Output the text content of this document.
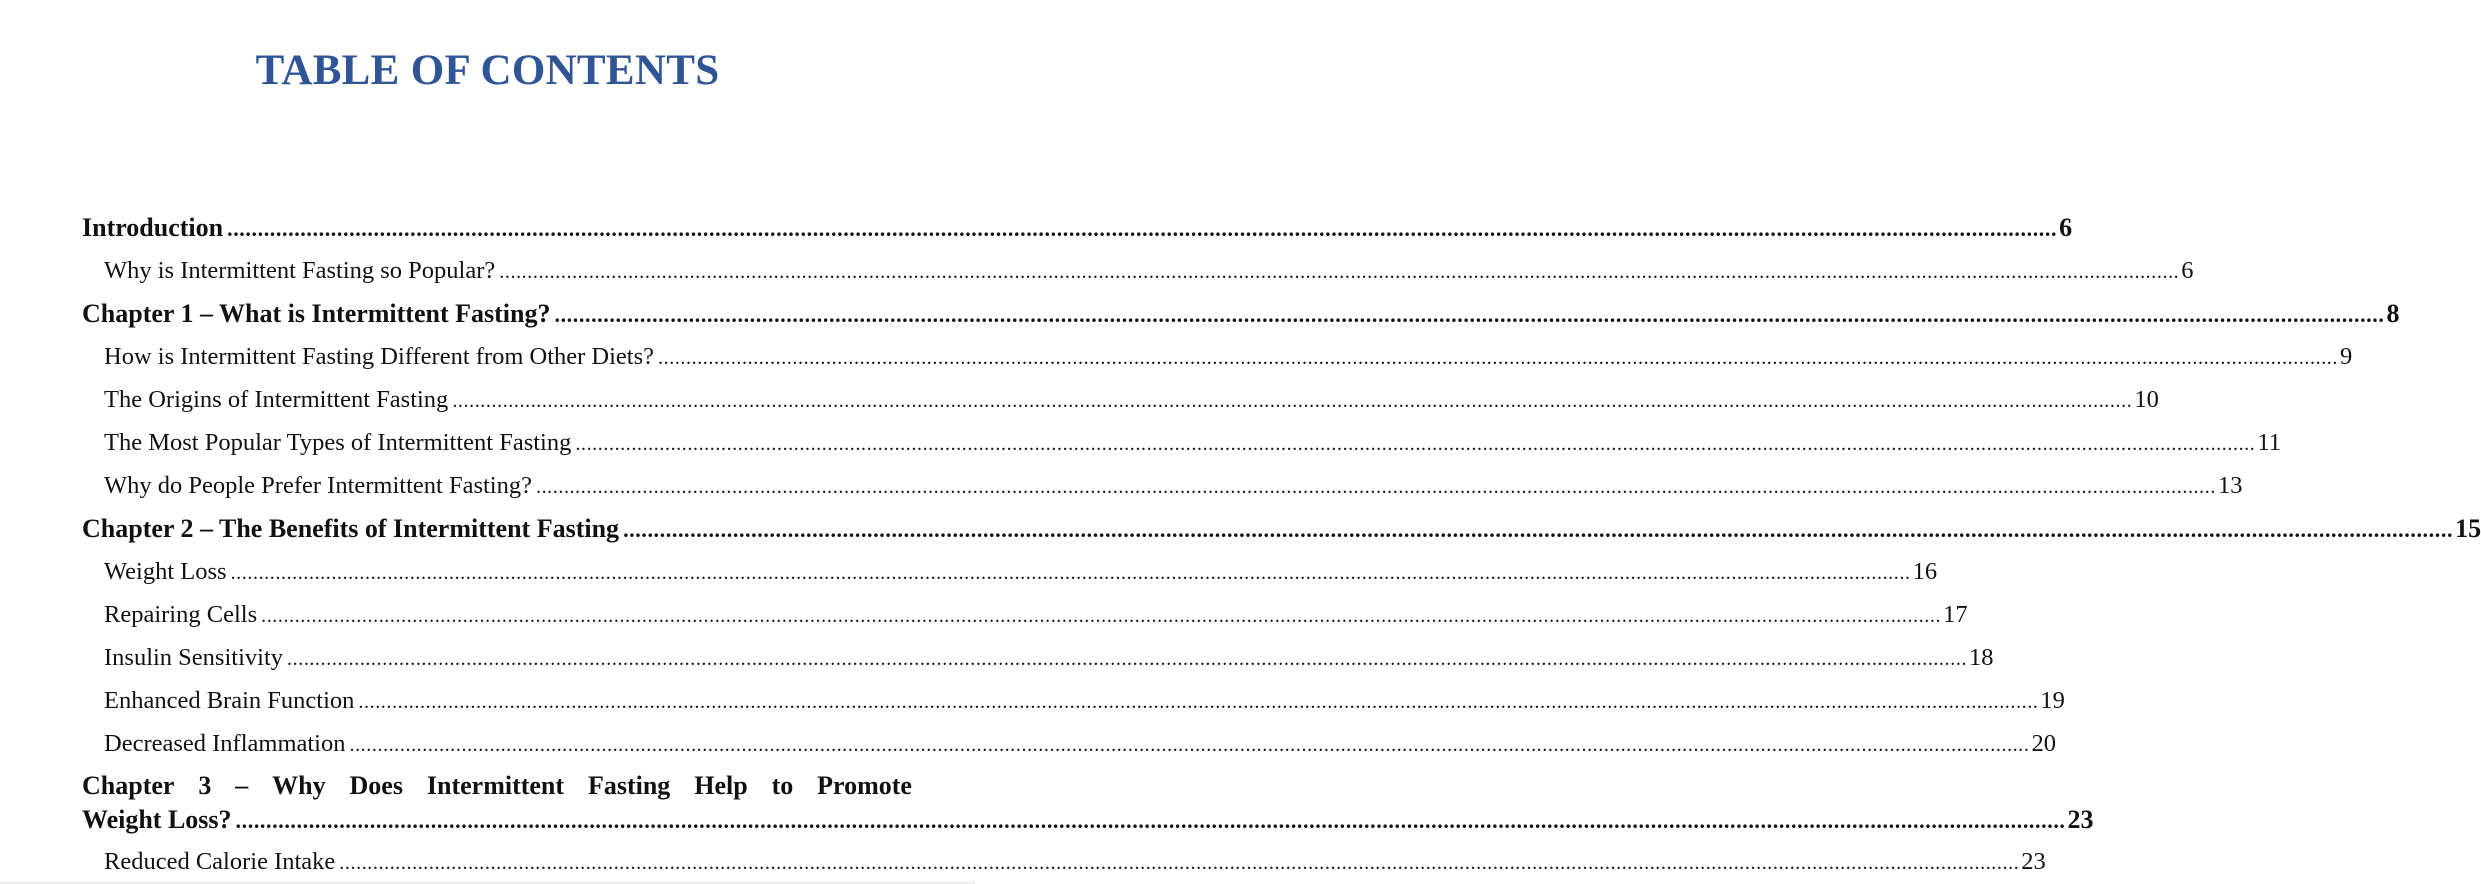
TABLE OF CONTENTS
Introduction ............................................................................................................................................................................................................................................................................................................ 6
Why is Intermittent Fasting so Popular? ............................................................................................................................................................................................................................................................................................................ 6
Chapter 1 – What is Intermittent Fasting? ............................................................................................................................................................................................................................................................................................................ 8
How is Intermittent Fasting Different from Other Diets? ............................................................................................................................................................................................................................................................................................................ 9
The Origins of Intermittent Fasting ............................................................................................................................................................................................................................................................................................................ 10
The Most Popular Types of Intermittent Fasting ............................................................................................................................................................................................................................................................................................................ 11
Why do People Prefer Intermittent Fasting? ............................................................................................................................................................................................................................................................................................................ 13
Chapter 2 – The Benefits of Intermittent Fasting ............................................................................................................................................................................................................................................................................................................ 15
Weight Loss ............................................................................................................................................................................................................................................................................................................ 16
Repairing Cells ............................................................................................................................................................................................................................................................................................................ 17
Insulin Sensitivity ............................................................................................................................................................................................................................................................................................................ 18
Enhanced Brain Function ............................................................................................................................................................................................................................................................................................................ 19
Decreased Inflammation ............................................................................................................................................................................................................................................................................................................ 20
Chapter 3 – Why Does Intermittent Fasting Help to Promote
Weight Loss? ............................................................................................................................................................................................................................................................................................................ 23
Reduced Calorie Intake ............................................................................................................................................................................................................................................................................................................ 23
